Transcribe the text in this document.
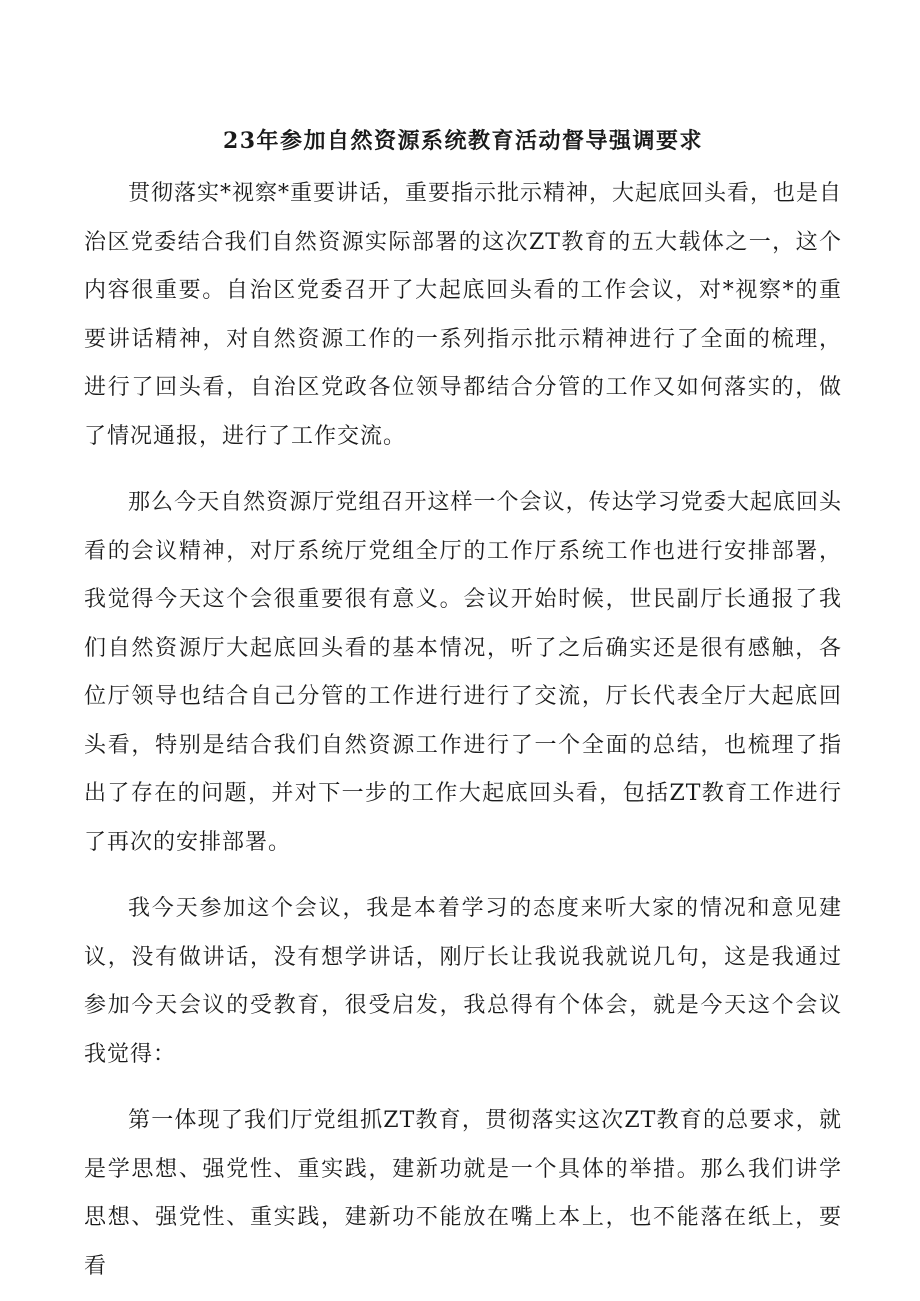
23年参加自然资源系统教育活动督导强调要求

贯彻落实*视察*重要讲话，重要指示批示精神，大起底回头看，也是自治区党委结合我们自然资源实际部署的这次ZT教育的五大载体之一，这个内容很重要。自治区党委召开了大起底回头看的工作会议，对*视察*的重要讲话精神，对自然资源工作的一系列指示批示精神进行了全面的梳理，进行了回头看，自治区党政各位领导都结合分管的工作又如何落实的，做了情况通报，进行了工作交流。

那么今天自然资源厅党组召开这样一个会议，传达学习党委大起底回头看的会议精神，对厅系统厅党组全厅的工作厅系统工作也进行安排部署，我觉得今天这个会很重要很有意义。会议开始时候，世民副厅长通报了我们自然资源厅大起底回头看的基本情况，听了之后确实还是很有感触，各位厅领导也结合自己分管的工作进行进行了交流，厅长代表全厅大起底回头看，特别是结合我们自然资源工作进行了一个全面的总结，也梳理了指出了存在的问题，并对下一步的工作大起底回头看，包括ZT教育工作进行了再次的安排部署。

我今天参加这个会议，我是本着学习的态度来听大家的情况和意见建议，没有做讲话，没有想学讲话，刚厅长让我说我就说几句，这是我通过参加今天会议的受教育，很受启发，我总得有个体会，就是今天这个会议我觉得：

第一体现了我们厅党组抓ZT教育，贯彻落实这次ZT教育的总要求，就是学思想、强党性、重实践，建新功就是一个具体的举措。那么我们讲学思想、强党性、重实践，建新功不能放在嘴上本上，也不能落在纸上，要看
